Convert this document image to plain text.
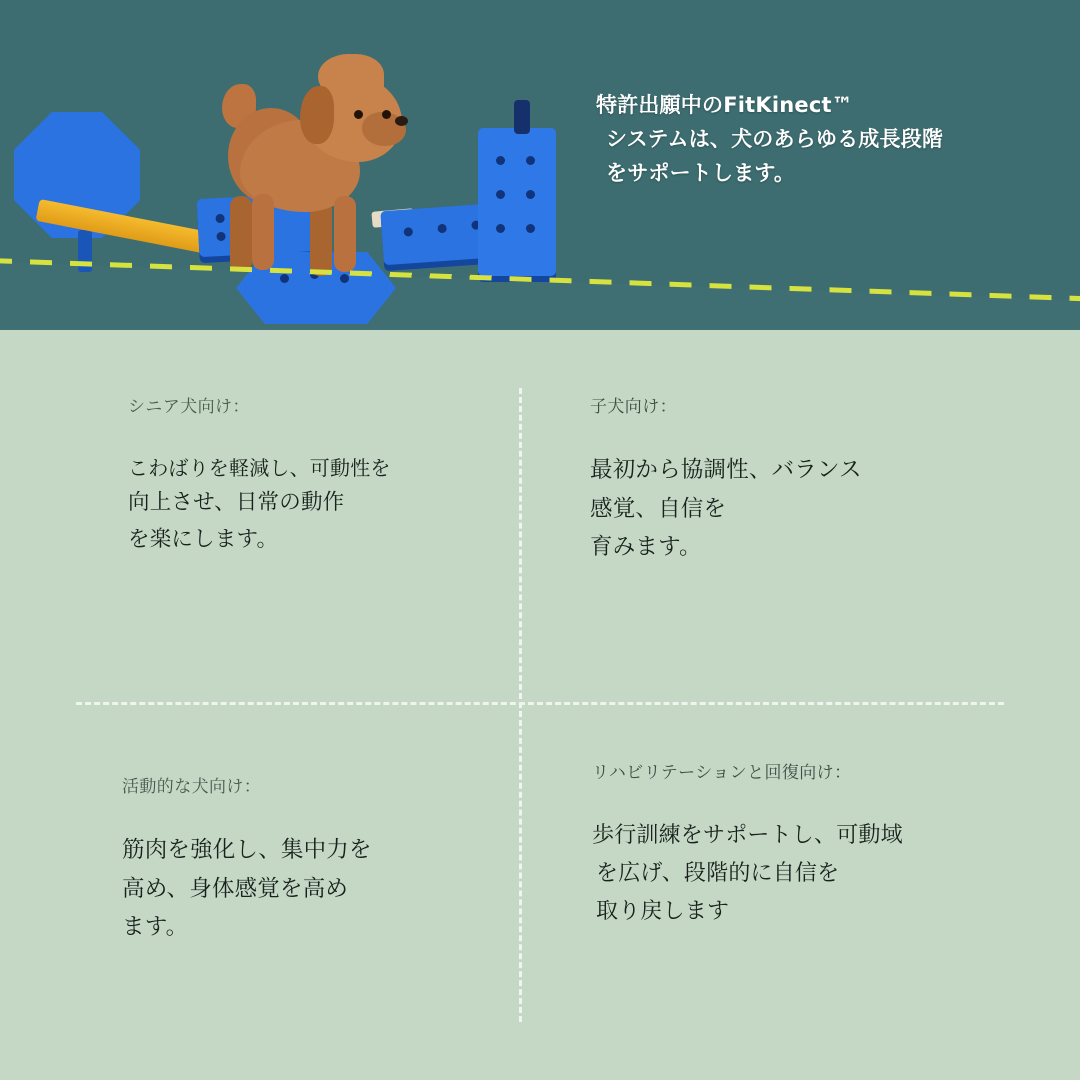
特許出願中のFitKinect™
システムは、犬のあらゆる成長段階
をサポートします。
シニア犬向け：
こわばりを軽減し、可動性を
向上させ、日常の動作
を楽にします。
子犬向け：
最初から協調性、バランス
感覚、自信を
育みます。
活動的な犬向け：
筋肉を強化し、集中力を
高め、身体感覚を高め
ます。
リハビリテーションと回復向け：
歩行訓練をサポートし、可動域
を広げ、段階的に自信を
取り戻します
